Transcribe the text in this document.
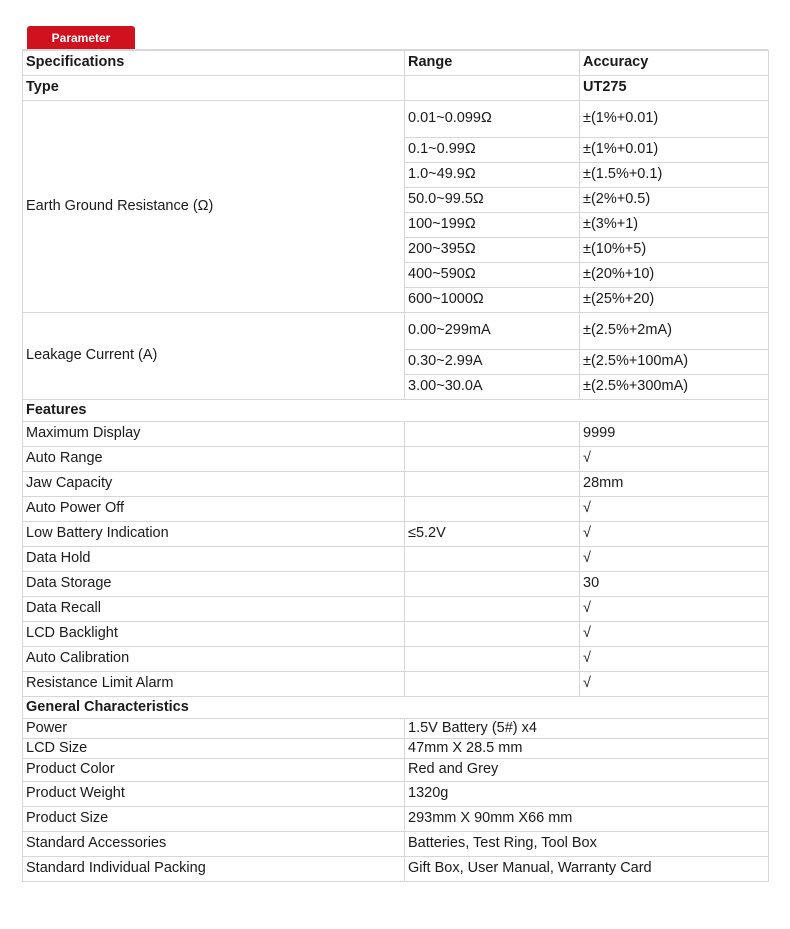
Parameter
Specifications	Range	Accuracy
Type		UT275
Earth Ground Resistance (Ω)	0.01~0.099Ω	±(1%+0.01)
	0.1~0.99Ω	±(1%+0.01)
	1.0~49.9Ω	±(1.5%+0.1)
	50.0~99.5Ω	±(2%+0.5)
	100~199Ω	±(3%+1)
	200~395Ω	±(10%+5)
	400~590Ω	±(20%+10)
	600~1000Ω	±(25%+20)
Leakage Current (A)	0.00~299mA	±(2.5%+2mA)
	0.30~2.99A	±(2.5%+100mA)
	3.00~30.0A	±(2.5%+300mA)
Features		
Maximum Display		9999
Auto Range		√
Jaw Capacity		28mm
Auto Power Off		√
Low Battery Indication	≤5.2V	√
Data Hold		√
Data Storage		30
Data Recall		√
LCD Backlight		√
Auto Calibration		√
Resistance Limit Alarm		√
General Characteristics		
Power	1.5V Battery (5#) x4	
LCD Size	47mm X 28.5 mm	
Product Color	Red and Grey	
Product Weight	1320g	
Product Size	293mm X 90mm X66 mm	
Standard Accessories	Batteries, Test Ring, Tool Box	
Standard Individual Packing	Gift Box, User Manual, Warranty Card	
